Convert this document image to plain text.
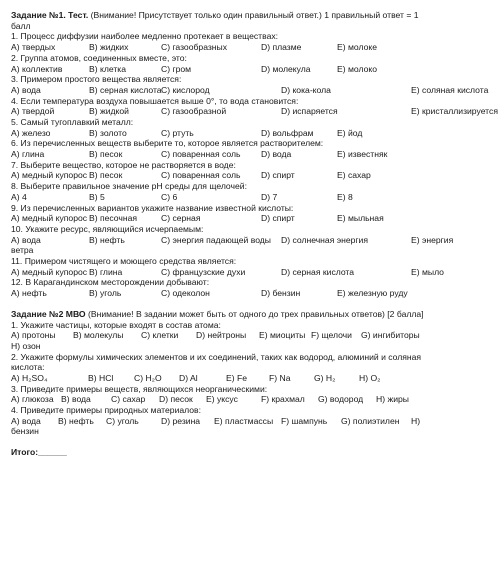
Задание №1. Тест. (Внимание! Присутствует только один правильный ответ.) 1 правильный ответ = 1
балл
1. Процесс диффузии наиболее медленно протекает в веществах:
А) твердых	В) жидких	С) газообразных	D) плазме	Е) молоке
2. Группа атомов, соединенных вместе, это:
А) коллектив	В) клетка	С) гром	D) молекула	Е) молоко
3. Примером простого вещества является:
А) вода	В) серная кислота С) кислород	D) кока-кола	Е) соляная кислота
4. Если температура воздуха повышается выше 0°, то вода становится:
А) твердой	В) жидкой	С) газообразной	D) испаряется	Е) кристаллизируется
5. Самый тугоплавкий металл:
А) железо	В) золото	С) ртуть	D) вольфрам	Е) йод
6. Из перечисленных веществ выберите то, которое является растворителем:
А) глина	В) песок	С) поваренная соль D) вода	Е) известняк
7. Выберите вещество, которое не растворяется в воде:
А) медный купорос В) песок	С) поваренная соль D) спирт	Е) сахар
8. Выберите правильное значение pH среды для щелочей:
А) 4	В) 5	С) 6	D) 7	Е) 8
9. Из перечисленных вариантов укажите название известной кислоты:
А) медный купорос В) песочная	С) серная	D) спирт	Е) мыльная
10. Укажите ресурс, являющийся исчерпаемым:
А) вода	В) нефть	С) энергия падающей воды D) солнечная энергия	Е) энергия
ветра
11. Примером чистящего и моющего средства является:
А) медный купорос В) глина	С) французские духи	D) серная кислота	Е) мыло
12. В Карагандинском месторождении добывают:
А) нефть	В) уголь	С) одеколон	D) бензин	Е) железную руду
Задание №2 МВО (Внимание! В задании может быть от одного до трех правильных ответов) [2 балла]
1. Укажите частицы, которые входят в состав атома:
А) протоны В) молекулы С) клетки D) нейтроны Е) миоциты F) щелочи G) ингибиторы
Н) озон
2. Укажите формулы химических элементов и их соединений, таких как водород, алюминий и соляная
кислота:
А) H₂SO₄	В) HCl С) H₂O D) Al	Е) Fe	F) Na	G) H₂	H) O₂
3. Приведите примеры веществ, являющихся неорганическими:
А) глюкоза В) вода С) сахар D) песок Е) уксус	F) крахмал G) водород Н) жиры
4. Приведите примеры природных материалов:
А) вода В) нефть С) уголь	D) резина Е) пластмассы F) шампунь G) полиэтилен Н)
бензин
Итого:______
